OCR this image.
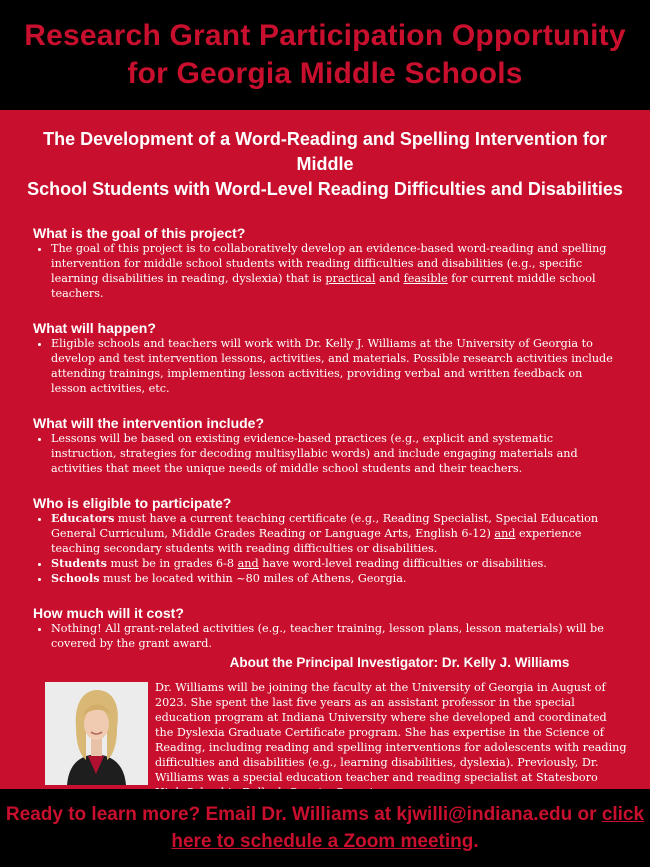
Research Grant Participation Opportunity
for Georgia Middle Schools
The Development of a Word-Reading and Spelling Intervention for Middle
School Students with Word-Level Reading Difficulties and Disabilities

What is the goal of this project?

• The goal of this project is to collaboratively develop an evidence-based word-reading and spelling intervention for middle school students with reading difficulties and disabilities (e.g., specific learning disabilities in reading, dyslexia) that is practical and feasible for current middle school teachers.

What will happen?

• Eligible schools and teachers will work with Dr. Kelly J. Williams at the University of Georgia to develop and test intervention lessons, activities, and materials. Possible research activities include attending trainings, implementing lesson activities, providing verbal and written feedback on lesson activities, etc.

What will the intervention include?

• Lessons will be based on existing evidence-based practices (e.g., explicit and systematic instruction, strategies for decoding multisyllabic words) and include engaging materials and activities that meet the unique needs of middle school students and their teachers.

Who is eligible to participate?

• Educators must have a current teaching certificate (e.g., Reading Specialist, Special Education General Curriculum, Middle Grades Reading or Language Arts, English 6-12) and experience teaching secondary students with reading difficulties or disabilities.
• Students must be in grades 6-8 and have word-level reading difficulties or disabilities.
• Schools must be located within ~80 miles of Athens, Georgia.

How much will it cost?

• Nothing! All grant-related activities (e.g., teacher training, lesson plans, lesson materials) will be covered by the grant award.
About the Principal Investigator: Dr. Kelly J. Williams
Dr. Williams will be joining the faculty at the University of Georgia in August of 2023. She spent the last five years as an assistant professor in the special education program at Indiana University where she developed and coordinated the Dyslexia Graduate Certificate program. She has expertise in the Science of Reading, including reading and spelling interventions for adolescents with reading difficulties and disabilities (e.g., learning disabilities, dyslexia). Previously, Dr. Williams was a special education teacher and reading specialist at Statesboro
Ready to learn more? Email Dr. Williams at kjwilli@indiana.edu or click
here to schedule a Zoom meeting.
